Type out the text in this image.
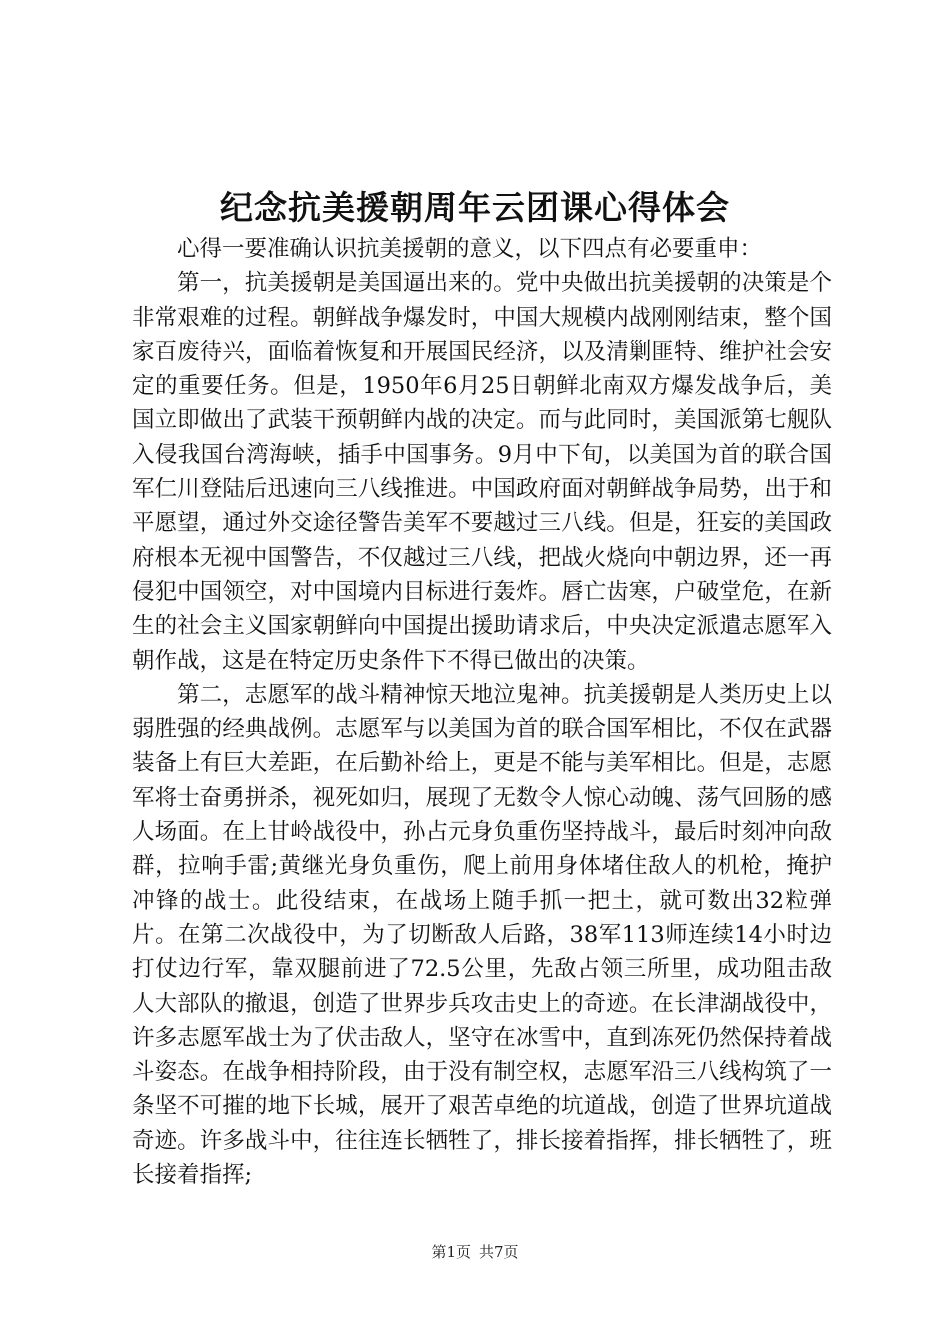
纪念抗美援朝周年云团课心得体会

心得一要准确认识抗美援朝的意义，以下四点有必要重申：

第一，抗美援朝是美国逼出来的。党中央做出抗美援朝的决策是个非常艰难的过程。朝鲜战争爆发时，中国大规模内战刚刚结束，整个国家百废待兴，面临着恢复和开展国民经济，以及清剿匪特、维护社会安定的重要任务。但是，1950年6月25日朝鲜北南双方爆发战争后，美国立即做出了武装干预朝鲜内战的决定。而与此同时，美国派第七舰队入侵我国台湾海峡，插手中国事务。9月中下旬，以美国为首的联合国军仁川登陆后迅速向三八线推进。中国政府面对朝鲜战争局势，出于和平愿望，通过外交途径警告美军不要越过三八线。但是，狂妄的美国政府根本无视中国警告，不仅越过三八线，把战火烧向中朝边界，还一再侵犯中国领空，对中国境内目标进行轰炸。唇亡齿寒，户破堂危，在新生的社会主义国家朝鲜向中国提出援助请求后，中央决定派遣志愿军入朝作战，这是在特定历史条件下不得已做出的决策。

第二，志愿军的战斗精神惊天地泣鬼神。抗美援朝是人类历史上以弱胜强的经典战例。志愿军与以美国为首的联合国军相比，不仅在武器装备上有巨大差距，在后勤补给上，更是不能与美军相比。但是，志愿军将士奋勇拼杀，视死如归，展现了无数令人惊心动魄、荡气回肠的感人场面。在上甘岭战役中，孙占元身负重伤坚持战斗，最后时刻冲向敌群，拉响手雷;黄继光身负重伤，爬上前用身体堵住敌人的机枪，掩护冲锋的战士。此役结束，在战场上随手抓一把土，就可数出32粒弹片。在第二次战役中，为了切断敌人后路，38军113师连续14小时边打仗边行军，靠双腿前进了72.5公里，先敌占领三所里，成功阻击敌人大部队的撤退，创造了世界步兵攻击史上的奇迹。在长津湖战役中，许多志愿军战士为了伏击敌人，坚守在冰雪中，直到冻死仍然保持着战斗姿态。在战争相持阶段，由于没有制空权，志愿军沿三八线构筑了一条坚不可摧的地下长城，展开了艰苦卓绝的坑道战，创造了世界坑道战奇迹。许多战斗中，往往连长牺牲了，排长接着指挥，排长牺牲了，班长接着指挥;

第1页 共7页
